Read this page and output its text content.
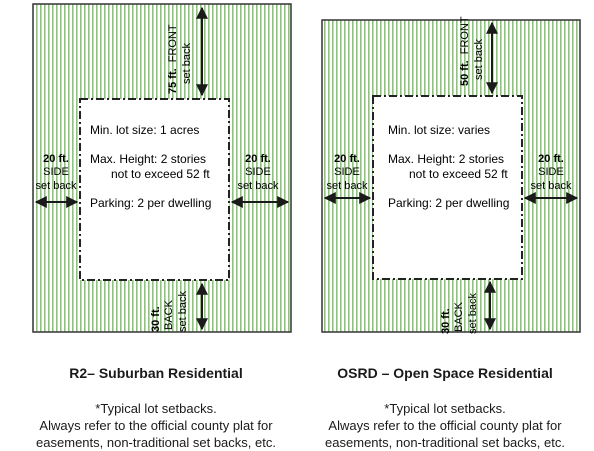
75 ft. FRONT set back
20 ft.
SIDE
set back
20 ft.
SIDE
set back
30 ft. BACK set back
Min. lot size: 1 acres
Max. Height: 2 stories
not to exceed 52 ft
Parking: 2 per dwelling
50 ft. FRONT
set back
20 ft.
SIDE
set back
20 ft.
SIDE
set back
30 ft. BACK set back
Min. lot size: varies
Max. Height: 2 stories
not to exceed 52 ft
Parking: 2 per dwelling
R2– Suburban Residential
*Typical lot setbacks.
Always refer to the official county plat for
easements, non-traditional set backs, etc.
OSRD – Open Space Residential
*Typical lot setbacks.
Always refer to the official county plat for
easements, non-traditional set backs, etc.
